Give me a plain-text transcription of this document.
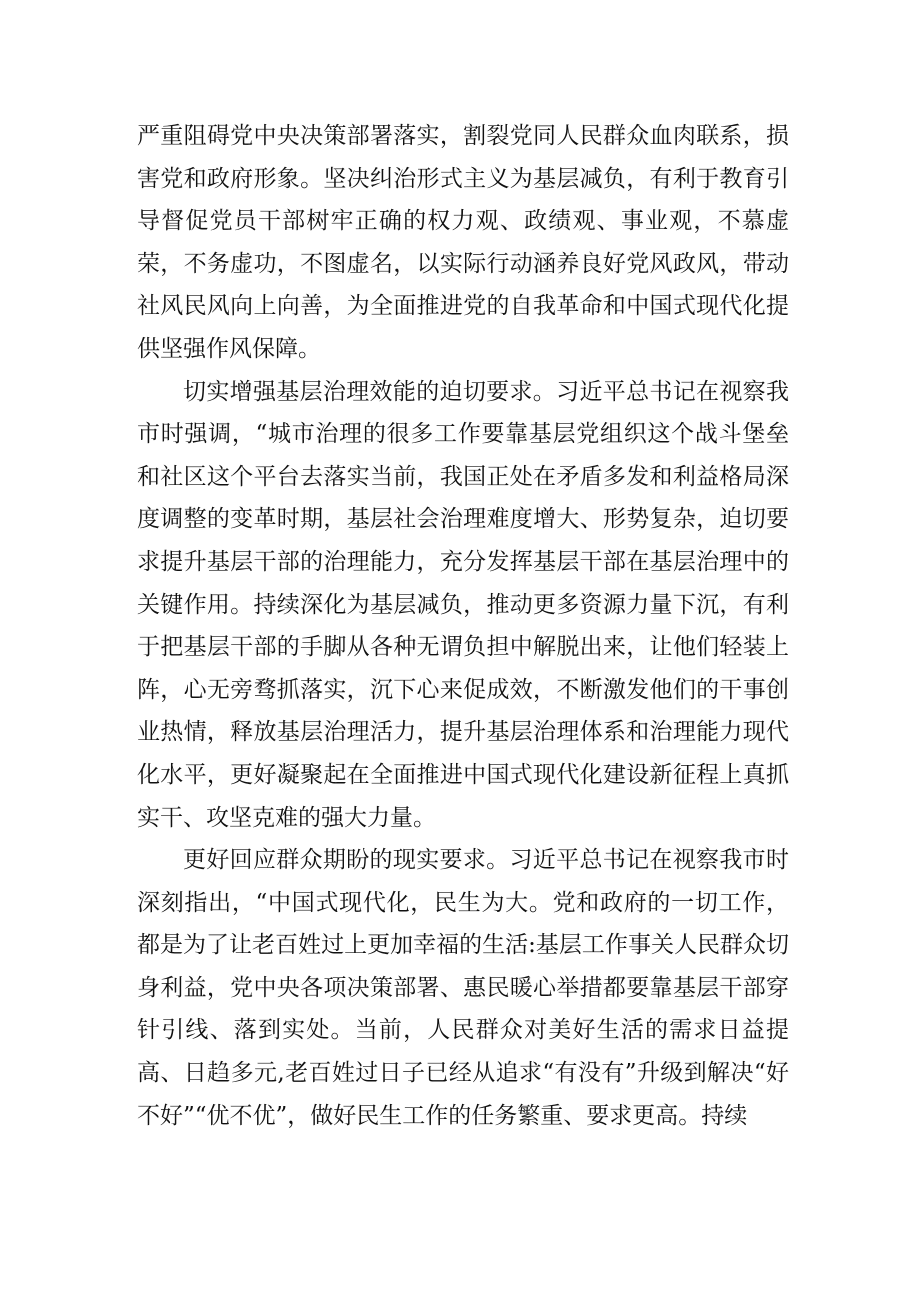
严重阻碍党中央决策部署落实，割裂党同人民群众血肉联系，损害党和政府形象。坚决纠治形式主义为基层减负，有利于教育引导督促党员干部树牢正确的权力观、政绩观、事业观，不慕虚荣，不务虚功，不图虚名，以实际行动涵养良好党风政风，带动社风民风向上向善，为全面推进党的自我革命和中国式现代化提供坚强作风保障。

切实增强基层治理效能的迫切要求。习近平总书记在视察我市时强调，“城市治理的很多工作要靠基层党组织这个战斗堡垒和社区这个平台去落实当前，我国正处在矛盾多发和利益格局深度调整的变革时期，基层社会治理难度增大、形势复杂，迫切要求提升基层干部的治理能力，充分发挥基层干部在基层治理中的关键作用。持续深化为基层减负，推动更多资源力量下沉，有利于把基层干部的手脚从各种无谓负担中解脱出来，让他们轻装上阵，心无旁骛抓落实，沉下心来促成效，不断激发他们的干事创业热情，释放基层治理活力，提升基层治理体系和治理能力现代化水平，更好凝聚起在全面推进中国式现代化建设新征程上真抓实干、攻坚克难的强大力量。

更好回应群众期盼的现实要求。习近平总书记在视察我市时深刻指出，“中国式现代化，民生为大。党和政府的一切工作，都是为了让老百姓过上更加幸福的生活:基层工作事关人民群众切身利益，党中央各项决策部署、惠民暖心举措都要靠基层干部穿针引线、落到实处。当前，人民群众对美好生活的需求日益提高、日趋多元,老百姓过日子已经从追求“有没有”升级到解决“好不好”“优不优”，做好民生工作的任务繁重、要求更高。持续
